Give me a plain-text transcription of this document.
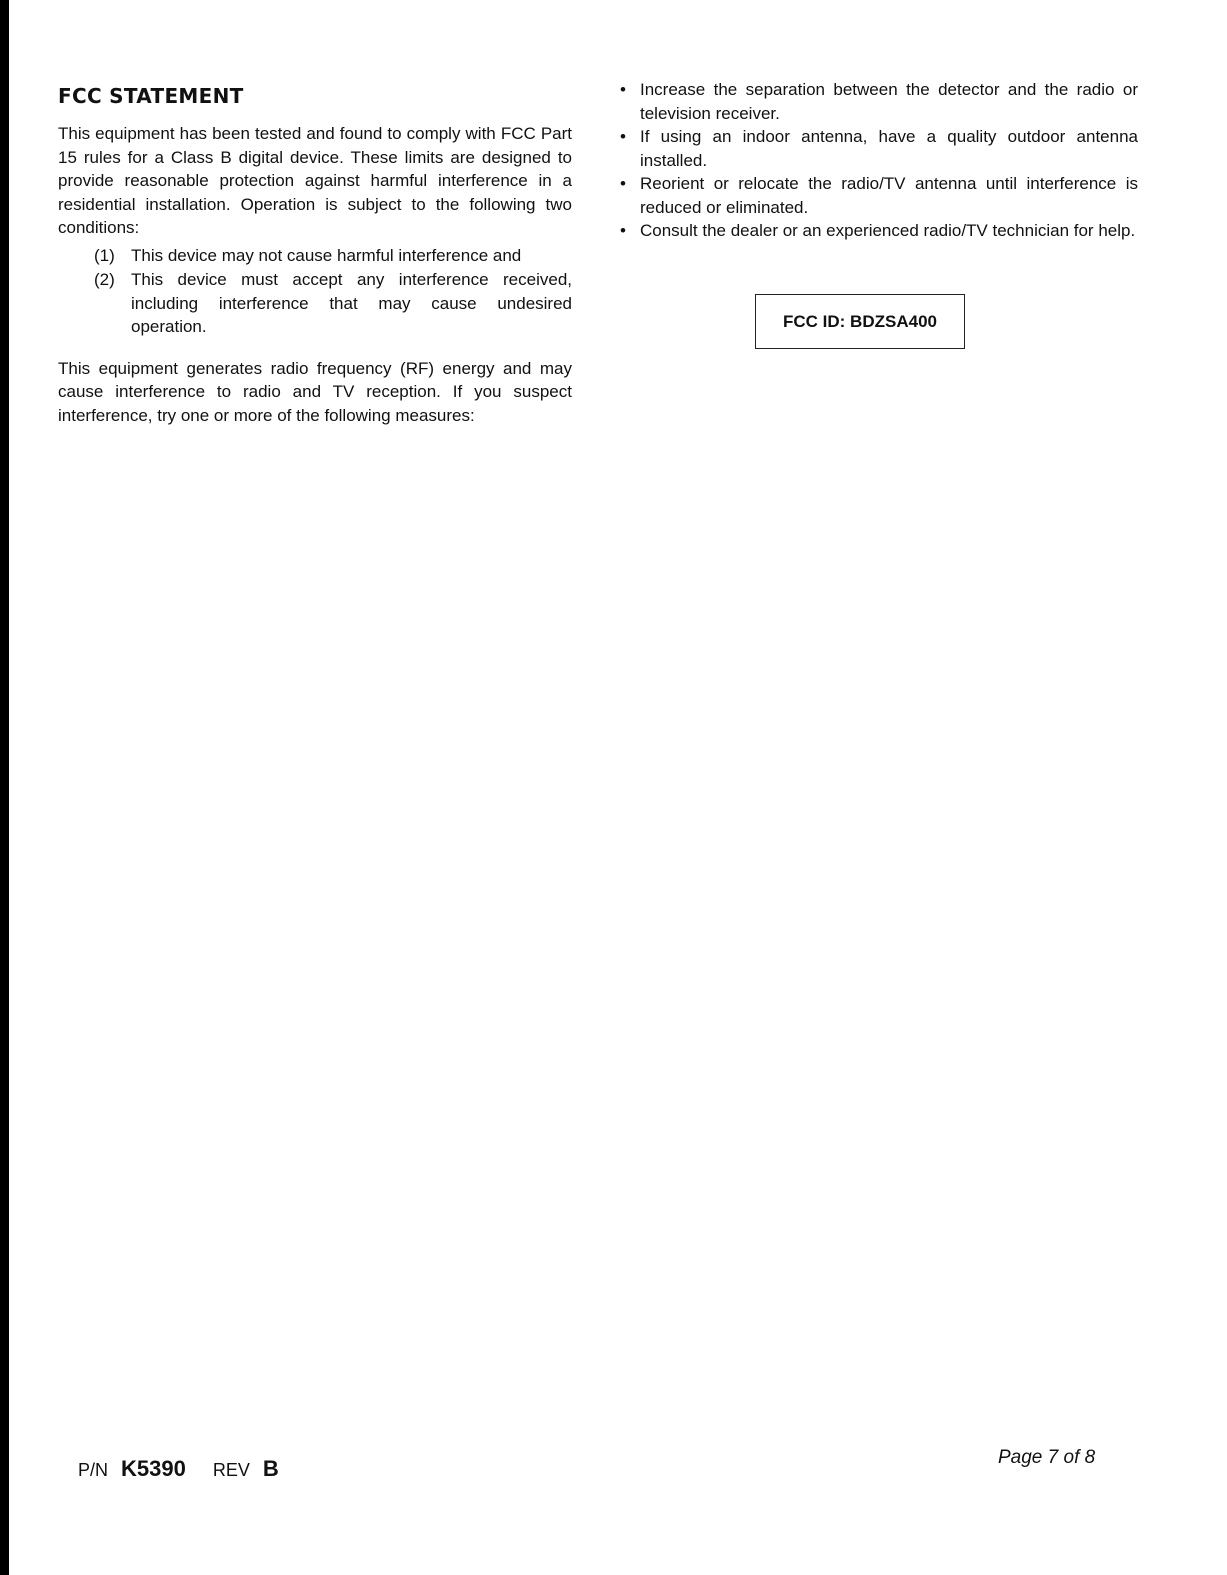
FCC STATEMENT

This equipment has been tested and found to comply with FCC Part 15 rules for a Class B digital device. These limits are designed to provide reasonable protection against harmful interference in a residential installation. Operation is subject to the following two conditions:

(1) This device may not cause harmful interference and
(2) This device must accept any interference received, including interference that may cause undesired operation.

This equipment generates radio frequency (RF) energy and may cause interference to radio and TV reception. If you suspect interference, try one or more of the following measures:

• Increase the separation between the detector and the radio or television receiver.
• If using an indoor antenna, have a quality outdoor antenna installed.
• Reorient or relocate the radio/TV antenna until interference is reduced or eliminated.
• Consult the dealer or an experienced radio/TV technician for help.
FCC ID: BDZSA400
P/N K5390 REV B	Page 7 of 8
